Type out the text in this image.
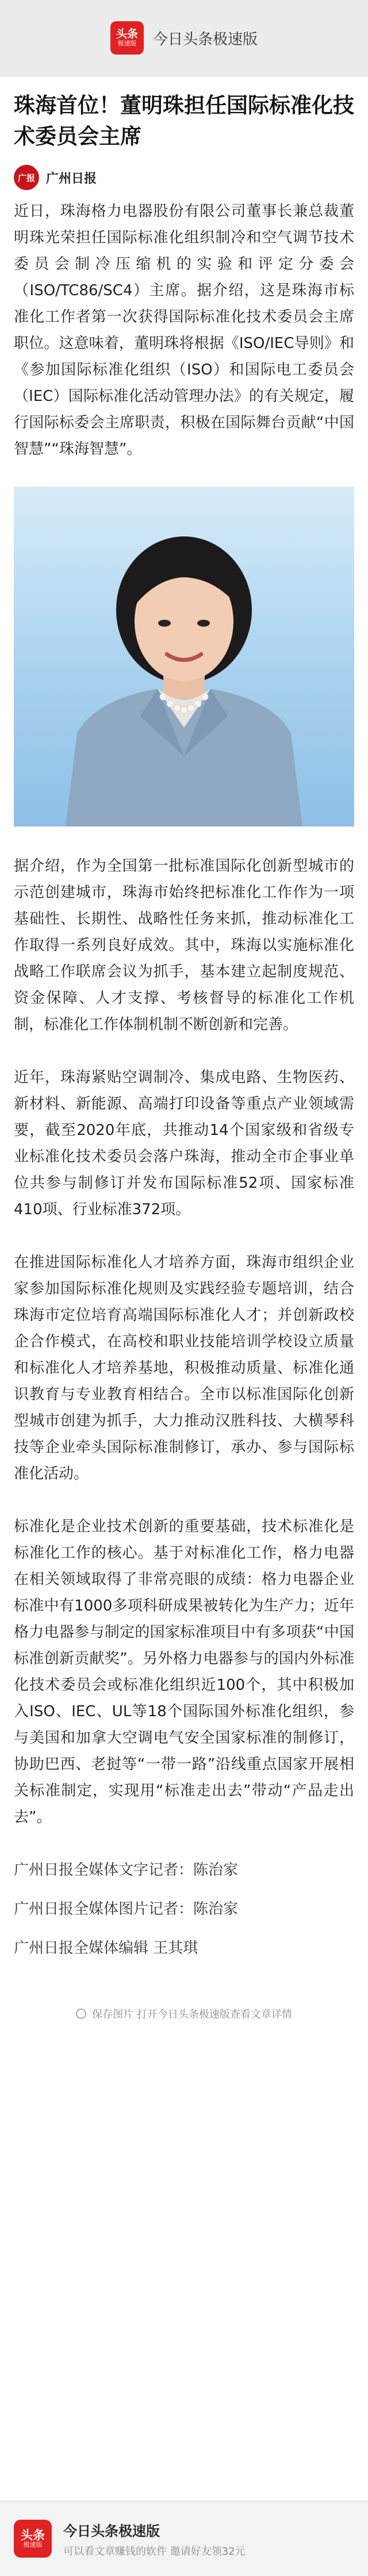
头条
极速版 今日头条极速版
珠海首位！董明珠担任国际标准化技术委员会主席
广报 广州日报

近日，珠海格力电器股份有限公司董事长兼总裁董明珠光荣担任国际标准化组织制冷和空气调节技术委员会制冷压缩机的实验和评定分委会（ISO/TC86/SC4）主席。据介绍，这是珠海市标准化工作者第一次获得国际标准化技术委员会主席职位。这意味着，董明珠将根据《ISO/IEC导则》和《参加国际标准化组织（ISO）和国际电工委员会（IEC）国际标准化活动管理办法》的有关规定，履行国际标委会主席职责，积极在国际舞台贡献“中国智慧”“珠海智慧”。

据介绍，作为全国第一批标准国际化创新型城市的示范创建城市，珠海市始终把标准化工作作为一项基础性、长期性、战略性任务来抓，推动标准化工作取得一系列良好成效。其中，珠海以实施标准化战略工作联席会议为抓手，基本建立起制度规范、资金保障、人才支撑、考核督导的标准化工作机制，标准化工作体制机制不断创新和完善。

近年，珠海紧贴空调制冷、集成电路、生物医药、新材料、新能源、高端打印设备等重点产业领域需要，截至2020年底，共推动14个国家级和省级专业标准化技术委员会落户珠海，推动全市企事业单位共参与制修订并发布国际标准52项、国家标准410项、行业标准372项。

在推进国际标准化人才培养方面，珠海市组织企业家参加国际标准化规则及实践经验专题培训，结合珠海市定位培育高端国际标准化人才；并创新政校企合作模式，在高校和职业技能培训学校设立质量和标准化人才培养基地，积极推动质量、标准化通识教育与专业教育相结合。全市以标准国际化创新型城市创建为抓手，大力推动汉胜科技、大横琴科技等企业牵头国际标准制修订，承办、参与国际标准化活动。

标准化是企业技术创新的重要基础，技术标准化是标准化工作的核心。基于对标准化工作，格力电器在相关领域取得了非常亮眼的成绩：格力电器企业标准中有1000多项科研成果被转化为生产力；近年格力电器参与制定的国家标准项目中有多项获“中国标准创新贡献奖”。另外格力电器参与的国内外标准化技术委员会或标准化组织近100个，其中积极加入ISO、IEC、UL等18个国际国外标准化组织，参与美国和加拿大空调电气安全国家标准的制修订，协助巴西、老挝等“一带一路”沿线重点国家开展相关标准制定，实现用“标准走出去”带动“产品走出去”。

广州日报全媒体文字记者：陈治家

广州日报全媒体图片记者：陈治家

广州日报全媒体编辑 王其琪

保存图片 打开今日头条极速版查看文章详情
头条
极速版
今日头条极速版
可以看文章赚钱的软件 邀请好友领32元
